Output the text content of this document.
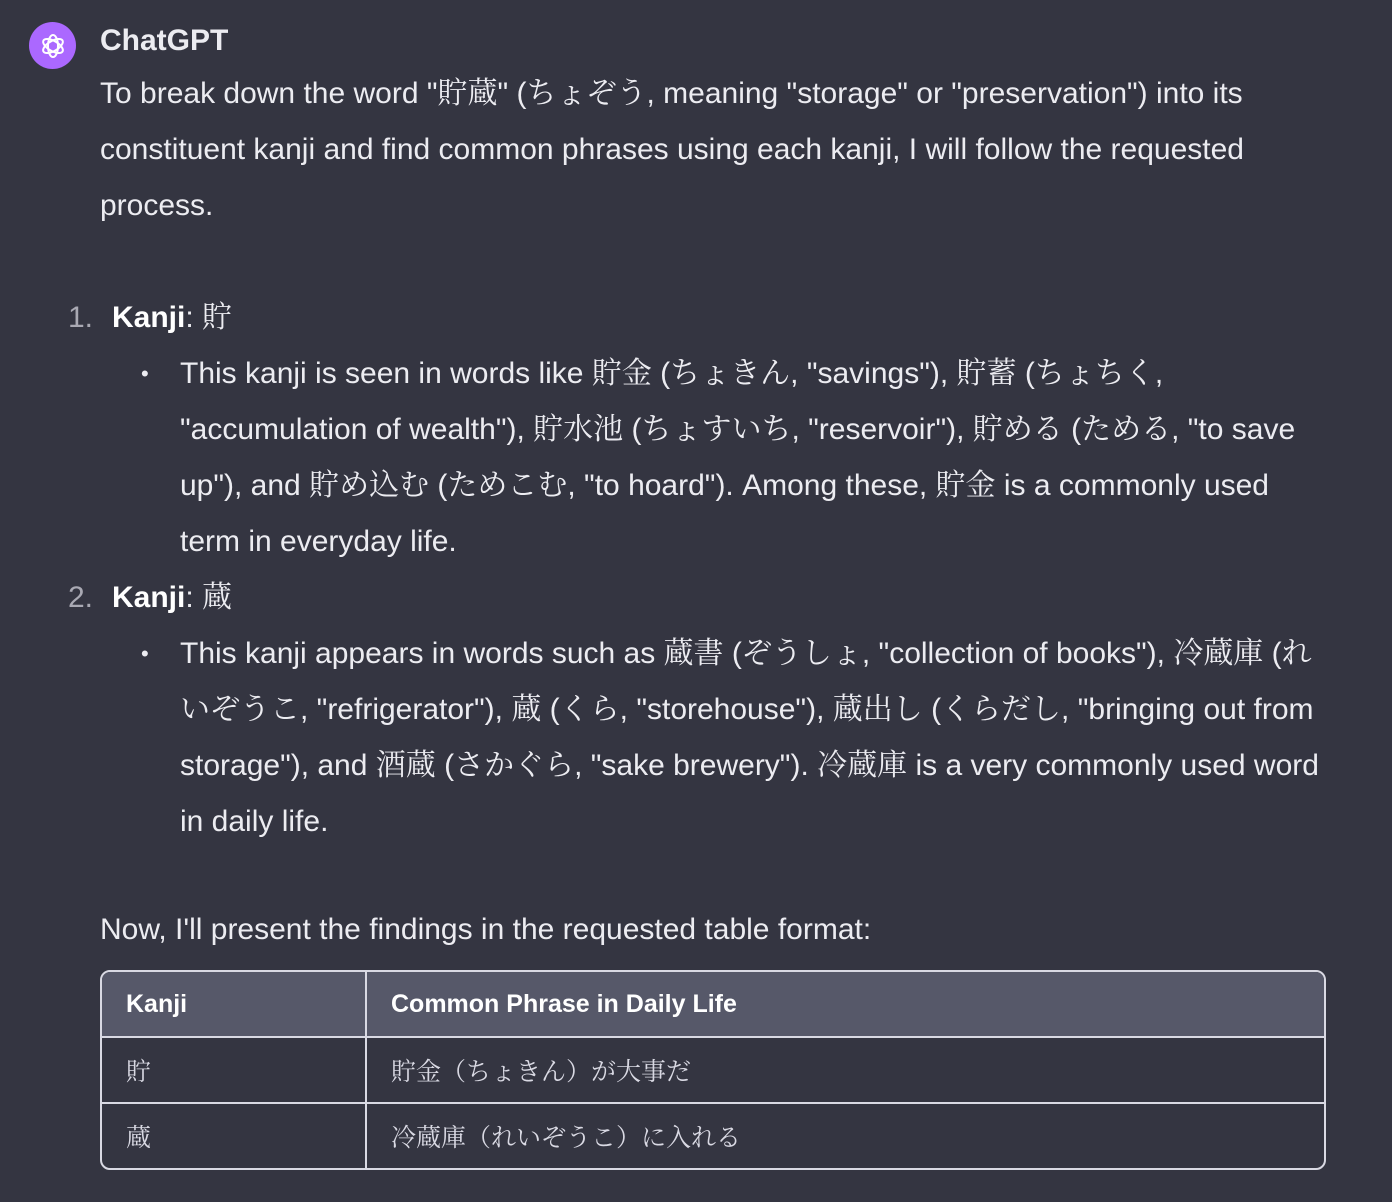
ChatGPT

To break down the word "貯蔵" (ちょぞう, meaning "storage" or "preservation") into its constituent kanji and find common phrases using each kanji, I will follow the requested process.

1. Kanji: 貯
• This kanji is seen in words like 貯金 (ちょきん, "savings"), 貯蓄 (ちょちく, "accumulation of wealth"), 貯水池 (ちょすいち, "reservoir"), 貯める (ためる, "to save up"), and 貯め込む (ためこむ, "to hoard"). Among these, 貯金 is a commonly used term in everyday life.
2. Kanji: 蔵
• This kanji appears in words such as 蔵書 (ぞうしょ, "collection of books"), 冷蔵庫 (れいぞうこ, "refrigerator"), 蔵 (くら, "storehouse"), 蔵出し (くらだし, "bringing out from storage"), and 酒蔵 (さかぐら, "sake brewery"). 冷蔵庫 is a very commonly used word in daily life.

Now, I'll present the findings in the requested table format:

Kanji	Common Phrase in Daily Life
貯	貯金（ちょきん）が大事だ
蔵	冷蔵庫（れいぞうこ）に入れる
